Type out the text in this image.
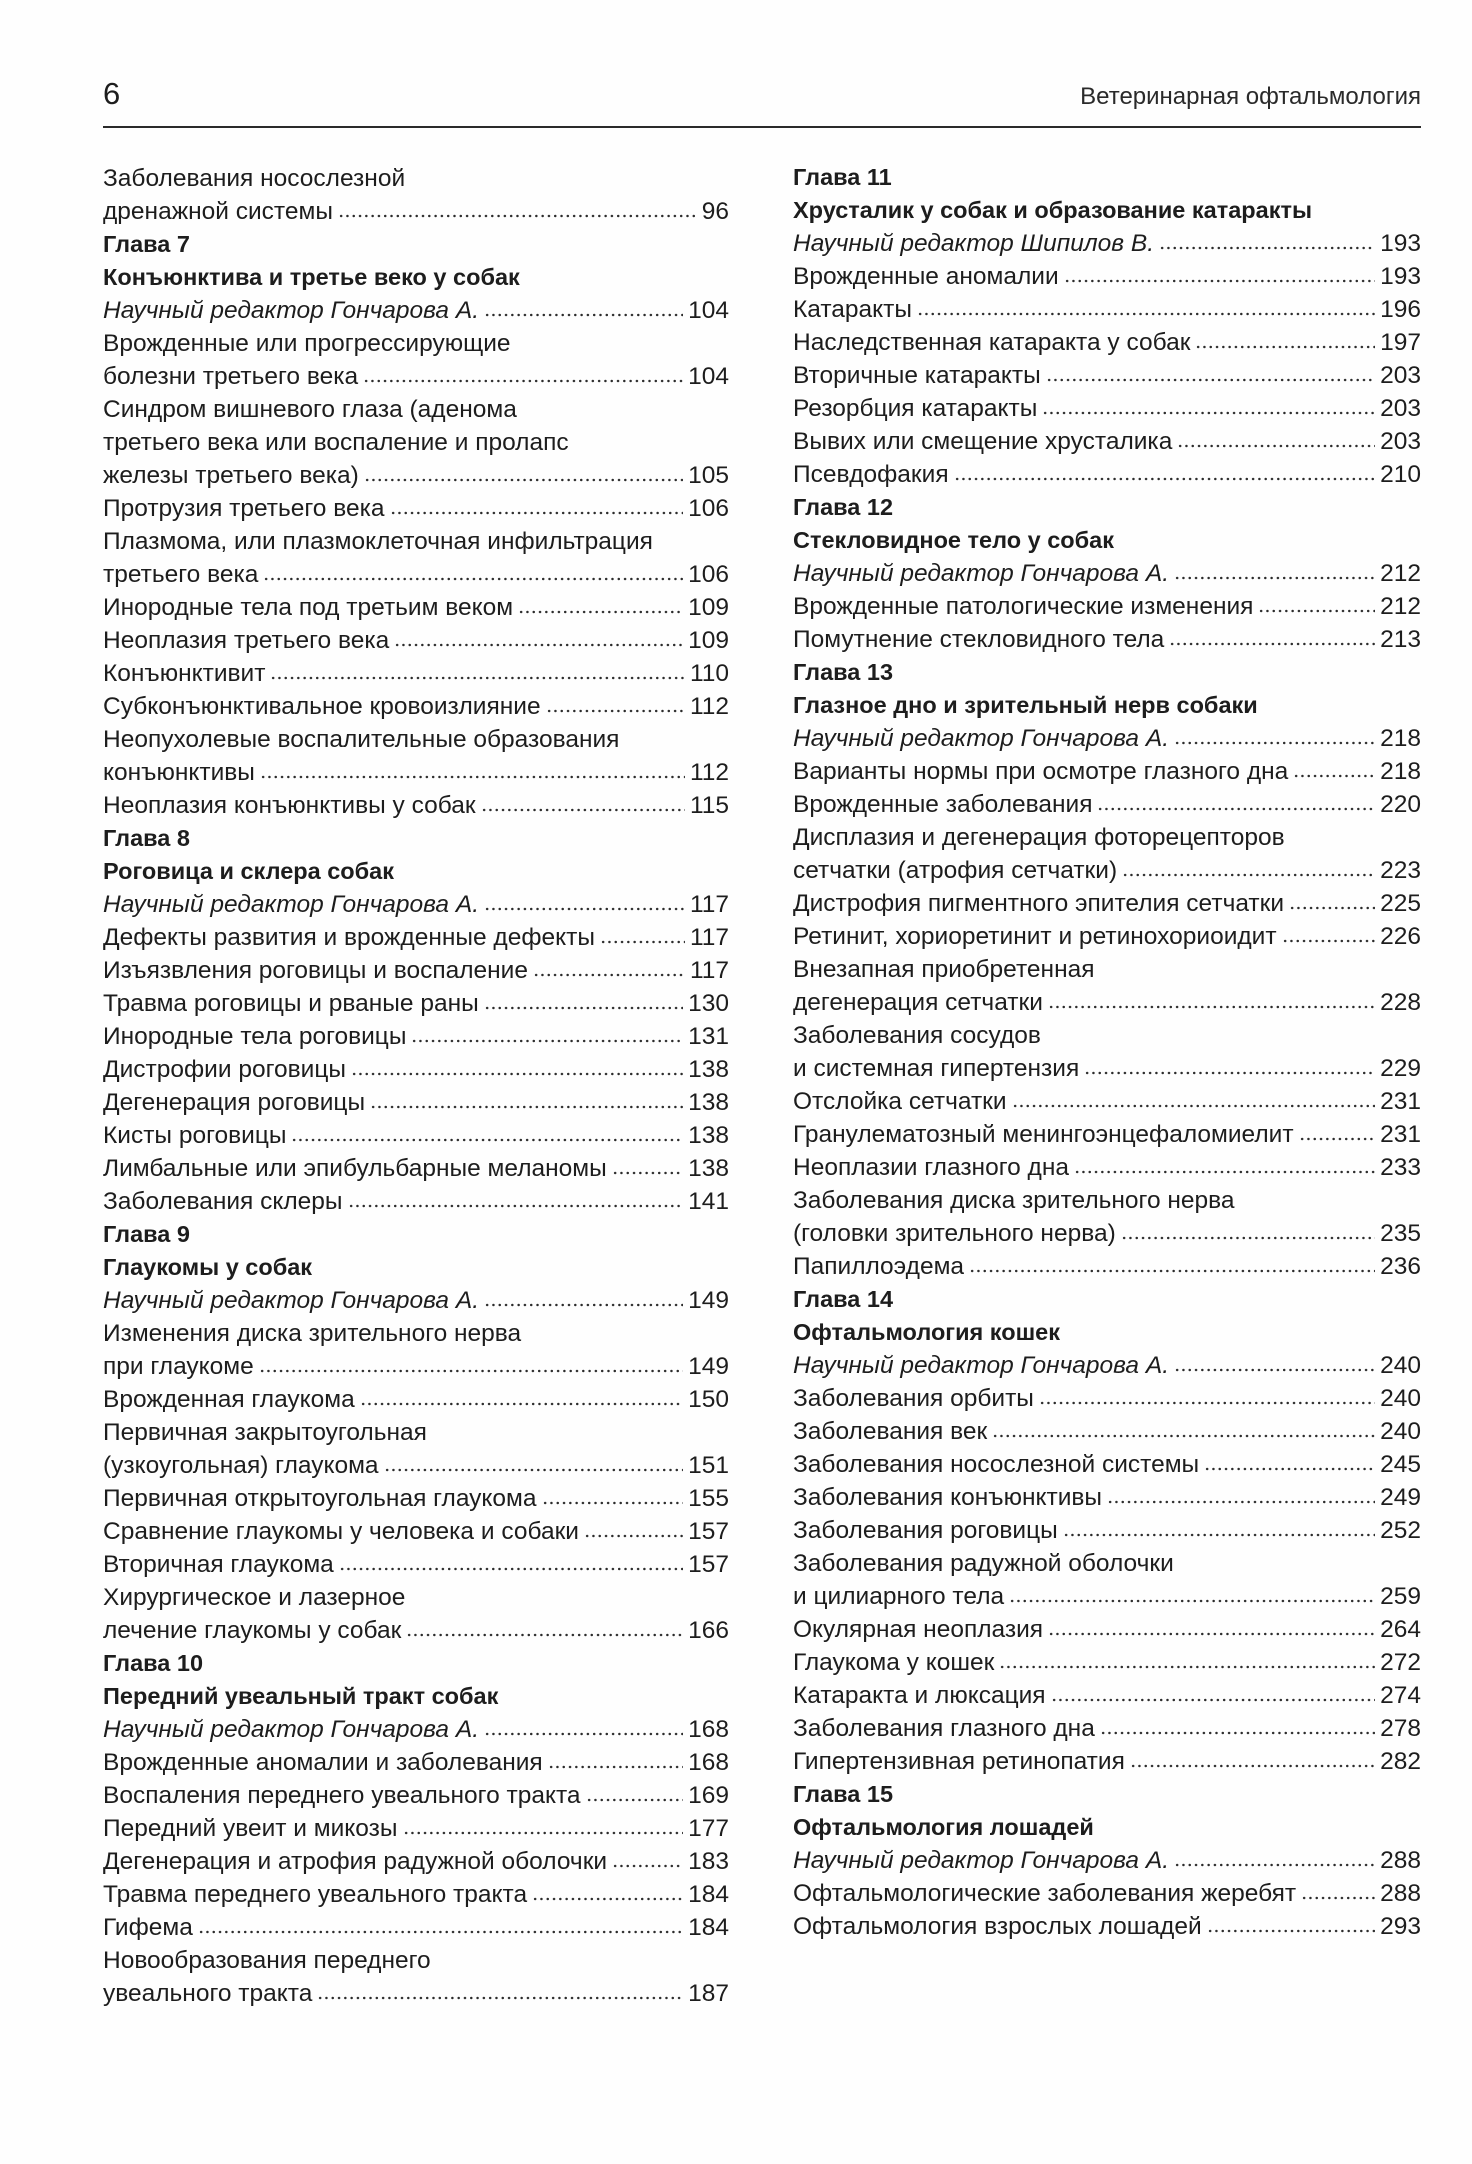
6	Ветеринарная офтальмология
Заболевания носослезной
дренажной системы	96
Глава 7
Конъюнктива и третье веко у собак
Научный редактор Гончарова А.	104
Врожденные или прогрессирующие
болезни третьего века	104
Синдром вишневого глаза (аденома
третьего века или воспаление и пролапс
железы третьего века)	105
Протрузия третьего века	106
Плазмома, или плазмоклеточная инфильтрация
третьего века	106
Инородные тела под третьим веком	109
Неоплазия третьего века	109
Конъюнктивит	110
Субконъюнктивальное кровоизлияние	112
Неопухолевые воспалительные образования
конъюнктивы	112
Неоплазия конъюнктивы у собак	115
Глава 8
Роговица и склера собак
Научный редактор Гончарова А.	117
Дефекты развития и врожденные дефекты	117
Изъязвления роговицы и воспаление	117
Травма роговицы и рваные раны	130
Инородные тела роговицы	131
Дистрофии роговицы	138
Дегенерация роговицы	138
Кисты роговицы	138
Лимбальные или эпибульбарные меланомы	138
Заболевания склеры	141
Глава 9
Глаукомы у собак
Научный редактор Гончарова А.	149
Изменения диска зрительного нерва
при глаукоме	149
Врожденная глаукома	150
Первичная закрытоугольная
(узкоугольная) глаукома	151
Первичная открытоугольная глаукома	155
Сравнение глаукомы у человека и собаки	157
Вторичная глаукома	157
Хирургическое и лазерное
лечение глаукомы у собак	166
Глава 10
Передний увеальный тракт собак
Научный редактор Гончарова А.	168
Врожденные аномалии и заболевания	168
Воспаления переднего увеального тракта	169
Передний увеит и микозы	177
Дегенерация и атрофия радужной оболочки	183
Травма переднего увеального тракта	184
Гифема	184
Новообразования переднего
увеального тракта	187
Глава 11
Хрусталик у собак и образование катаракты
Научный редактор Шипилов В.	193
Врожденные аномалии	193
Катаракты	196
Наследственная катаракта у собак	197
Вторичные катаракты	203
Резорбция катаракты	203
Вывих или смещение хрусталика	203
Псевдофакия	210
Глава 12
Стекловидное тело у собак
Научный редактор Гончарова А.	212
Врожденные патологические изменения	212
Помутнение стекловидного тела	213
Глава 13
Глазное дно и зрительный нерв собаки
Научный редактор Гончарова А.	218
Варианты нормы при осмотре глазного дна	218
Врожденные заболевания	220
Дисплазия и дегенерация фоторецепторов
сетчатки (атрофия сетчатки)	223
Дистрофия пигментного эпителия сетчатки	225
Ретинит, хориоретинит и ретинохориоидит	226
Внезапная приобретенная
дегенерация сетчатки	228
Заболевания сосудов
и системная гипертензия	229
Отслойка сетчатки	231
Гранулематозный менингоэнцефаломиелит	231
Неоплазии глазного дна	233
Заболевания диска зрительного нерва
(головки зрительного нерва)	235
Папиллоэдема	236
Глава 14
Офтальмология кошек
Научный редактор Гончарова А.	240
Заболевания орбиты	240
Заболевания век	240
Заболевания носослезной системы	245
Заболевания конъюнктивы	249
Заболевания роговицы	252
Заболевания радужной оболочки
и цилиарного тела	259
Окулярная неоплазия	264
Глаукома у кошек	272
Катаракта и люксация	274
Заболевания глазного дна	278
Гипертензивная ретинопатия	282
Глава 15
Офтальмология лошадей
Научный редактор Гончарова А.	288
Офтальмологические заболевания жеребят	288
Офтальмология взрослых лошадей	293
